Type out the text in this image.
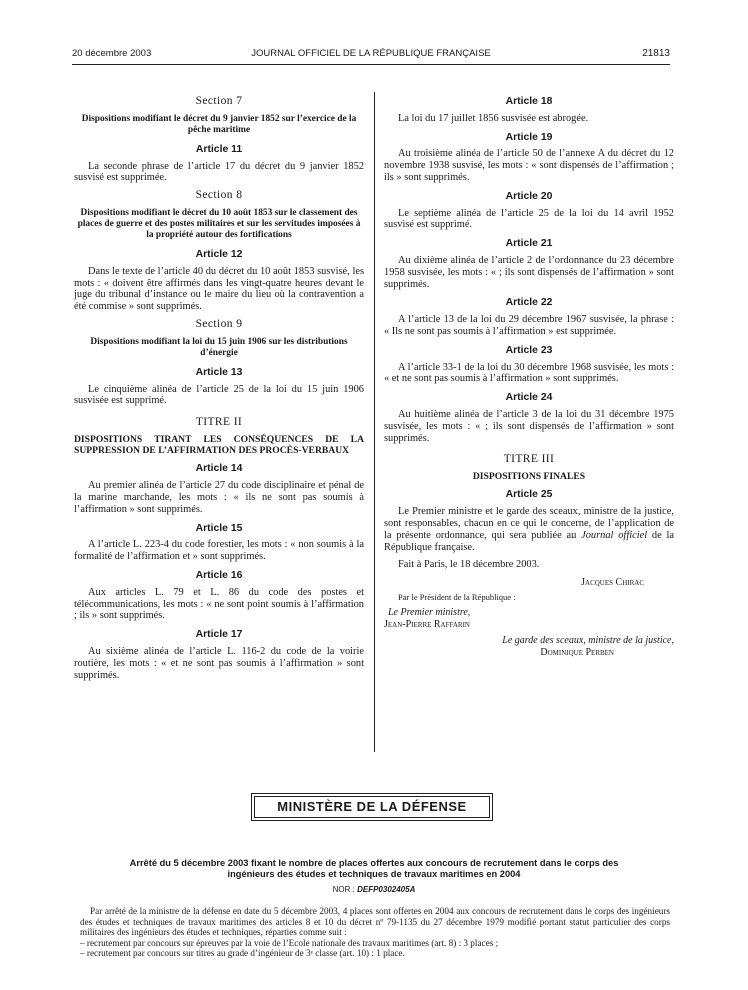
20 décembre 2003	JOURNAL OFFICIEL DE LA RÉPUBLIQUE FRANÇAISE	21813
Section 7
Dispositions modifiant le décret du 9 janvier 1852 sur l’exercice de la pêche maritime
Article 11

La seconde phrase de l’article 17 du décret du 9 janvier 1852 susvisé est supprimée.

Section 8
Dispositions modifiant le décret du 10 août 1853 sur le classement des places de guerre et des postes militaires et sur les servitudes imposées à la propriété autour des fortifications
Article 12

Dans le texte de l’article 40 du décret du 10 août 1853 susvisé, les mots : « doivent être affirmés dans les vingt-quatre heures devant le juge du tribunal d’instance ou le maire du lieu où la contravention a été commise » sont supprimés.

Section 9
Dispositions modifiant la loi du 15 juin 1906 sur les distributions d’énergie
Article 13

Le cinquième alinéa de l’article 25 de la loi du 15 juin 1906 susvisée est supprimé.

TITRE II
DISPOSITIONS TIRANT LES CONSÉQUENCES DE LA SUPPRESSION DE L’AFFIRMATION DES PROCÈS-VERBAUX
Article 14

Au premier alinéa de l’article 27 du code disciplinaire et pénal de la marine marchande, les mots : « ils ne sont pas soumis à l’affirmation » sont supprimés.

Article 15

A l’article L. 223-4 du code forestier, les mots : « non soumis à la formalité de l’affirmation et » sont supprimés.

Article 16

Aux articles L. 79 et L. 86 du code des postes et télécommunications, les mots : « ne sont point soumis à l’affirmation ; ils » sont supprimés.

Article 17

Au sixième alinéa de l’article L. 116-2 du code de la voirie routière, les mots : « et ne sont pas soumis à l’affirmation » sont supprimés.

Article 18

La loi du 17 juillet 1856 susvisée est abrogée.

Article 19

Au troisième alinéa de l’article 50 de l’annexe A du décret du 12 novembre 1938 susvisé, les mots : « sont dispensés de l’affirmation ; ils » sont supprimés.

Article 20

Le septième alinéa de l’article 25 de la loi du 14 avril 1952 susvisé est supprimé.

Article 21

Au dixième alinéa de l’article 2 de l’ordonnance du 23 décembre 1958 susvisée, les mots : « ; ils sont dispensés de l’affirmation » sont supprimés.

Article 22

A l’article 13 de la loi du 29 décembre 1967 susvisée, la phrase : « Ils ne sont pas soumis à l’affirmation » est supprimée.

Article 23

A l’article 33-1 de la loi du 30 décembre 1968 susvisée, les mots : « et ne sont pas soumis à l’affirmation » sont supprimés.

Article 24

Au huitième alinéa de l’article 3 de la loi du 31 décembre 1975 susvisée, les mots : « ; ils sont dispensés de l’affirmation » sont supprimés.

TITRE III
DISPOSITIONS FINALES
Article 25

Le Premier ministre et le garde des sceaux, ministre de la justice, sont responsables, chacun en ce qui le concerne, de l’application de la présente ordonnance, qui sera publiée au Journal officiel de la République française.

Fait à Paris, le 18 décembre 2003.

Jacques Chirac
Par le Président de la République :
Le Premier ministre,
Jean-Pierre Raffarin
Le garde des sceaux, ministre de la justice,
Dominique Perben
MINISTÈRE DE LA DÉFENSE
Arrêté du 5 décembre 2003 fixant le nombre de places offertes aux concours de recrutement dans le corps des ingénieurs des études et techniques de travaux maritimes en 2004
NOR : DEFP0302405A

Par arrêté de la ministre de la défense en date du 5 décembre 2003, 4 places sont offertes en 2004 aux concours de recrutement dans le corps des ingénieurs des études et techniques de travaux maritimes des articles 8 et 10 du décret nº 79-1135 du 27 décembre 1979 modifié portant statut particulier des corps militaires des ingénieurs des études et techniques, réparties comme suit :

– recrutement par concours sur épreuves par la voie de l’Ecole nationale des travaux maritimes (art. 8) : 3 places ;
– recrutement par concours sur titres au grade d’ingénieur de 3ᵉ classe (art. 10) : 1 place.
